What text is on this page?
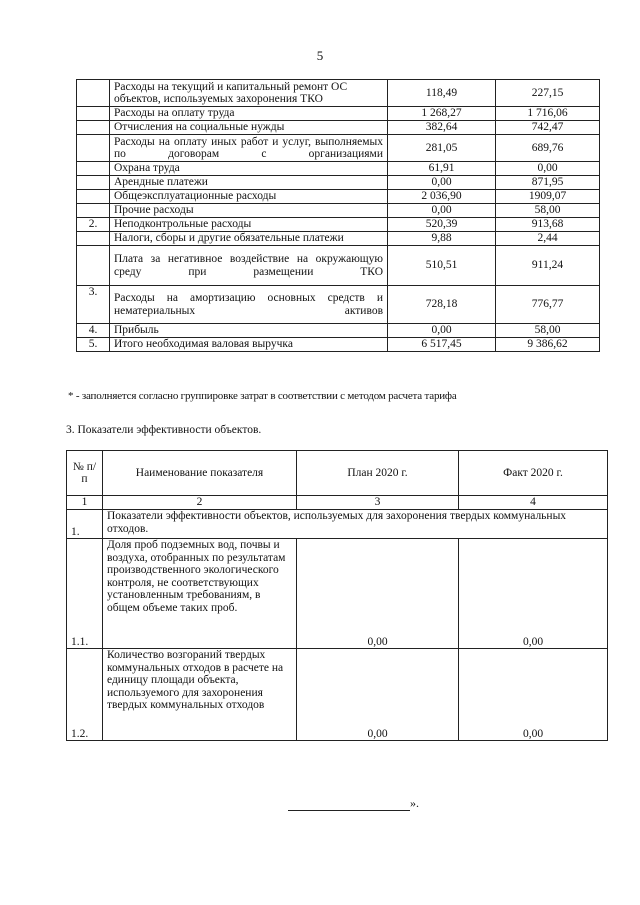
5
	Расходы на текущий и капитальный ремонт ОС объектов, используемых захоронения ТКО	118,49	227,15
	Расходы на оплату труда	1 268,27	1 716,06
	Отчисления на социальные нужды	382,64	742,47
	Расходы на оплату иных работ и услуг, выполняемых по договорам с организациями	281,05	689,76
	Охрана труда	61,91	0,00
	Арендные платежи	0,00	871,95
	Общеэксплуатационные расходы	2 036,90	1909,07
	Прочие расходы	0,00	58,00
2.	Неподконтрольные расходы	520,39	913,68
	Налоги, сборы и другие обязательные платежи	9,88	2,44
	Плата за негативное воздействие на окружающую среду при размещении ТКО	510,51	911,24
3.	Расходы на амортизацию основных средств и нематериальных активов	728,18	776,77
4.	Прибыль	0,00	58,00
5.	Итого необходимая валовая выручка	6 517,45	9 386,62
* - заполняется согласно группировке затрат в соответствии с методом расчета тарифа
3. Показатели эффективности объектов.
№ п/п	Наименование показателя	План 2020 г.	Факт 2020 г.
1	2	3	4
1.	Показатели эффективности объектов, используемых для захоронения твердых коммунальных отходов.		
1.1.	Доля проб подземных вод, почвы и воздуха, отобранных по результатам производственного экологического контроля, не соответствующих установленным требованиям, в общем объеме таких проб.	0,00	0,00
1.2.	Количество возгораний твердых коммунальных отходов в расчете на единицу площади объекта, используемого для захоронения твердых коммунальных отходов	0,00	0,00
».
